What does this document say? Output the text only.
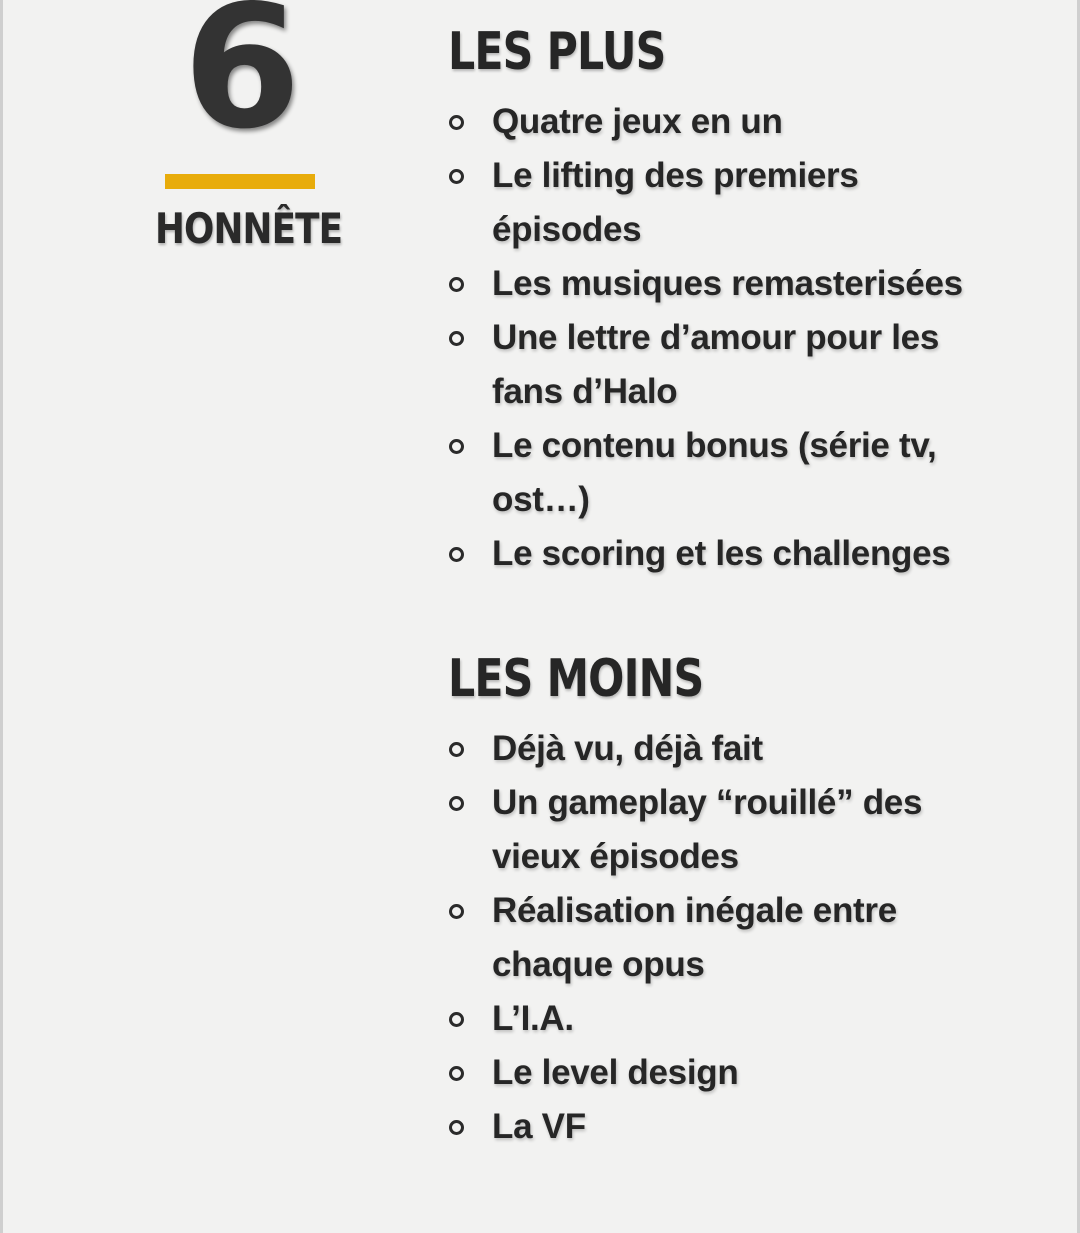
6
HONNÊTE
LES PLUS
Quatre jeux en un
Le lifting des premiers épisodes
Les musiques remasterisées
Une lettre d’amour pour les fans d’Halo
Le contenu bonus (série tv, ost…)
Le scoring et les challenges
LES MOINS
Déjà vu, déjà fait
Un gameplay “rouillé” des vieux épisodes
Réalisation inégale entre chaque opus
L’I.A.
Le level design
La VF
